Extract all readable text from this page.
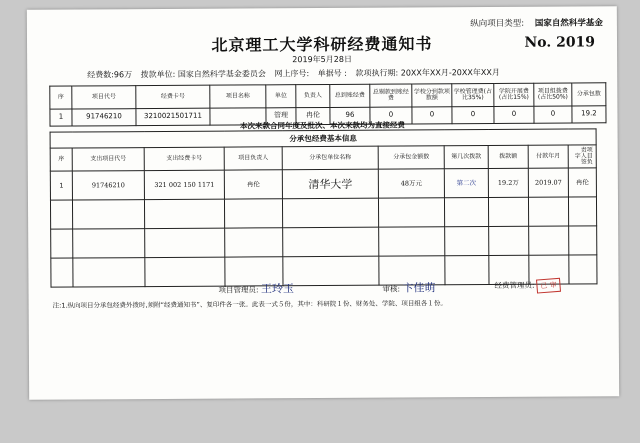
纵向项目类型: 国家自然科学基金
北京理工大学科研经费通知书	No. 2019
2019年5月28日
经费数:96万 拨款单位: 国家自然科学基金委员会 网上序号: 单据号 : 款项执行期: 20XX年XX月-20XX年XX月
序	项目代号	经费卡号	项目名称	单位	负责人	总到账经费	总剔款到账经费	学校分到款项数额	学校管理费(占比35%)	学院开展费(占比15%)	项目组拨费(占比50%)	分承包数
1	91746210	3210021501711		管理	冉伦	96	0	0	0	0	0	19.2
本次来款合同年度及批次、本次来款均为直接经费
分承包经费基本信息									
序	支出项目代号	支出经费卡号	项目负责人	分承包单位名称	分承包金额数	第几次拨款	拨款额	付款年月	项目负责人签字
1	91746210	321 002 150 1171	冉伦	清华大学	48万元	第二次	19.2万	2019.07	冉伦

项目管理员: 王玲玉	审核: 卞佳萌	经费管理员: 已 审
注:1.纵向项目分承包经费外拨时,须附“经费通知书”、复印件各一张。此表一式５份，其中：科研院１份、财务处、学院、项目组各１份。
